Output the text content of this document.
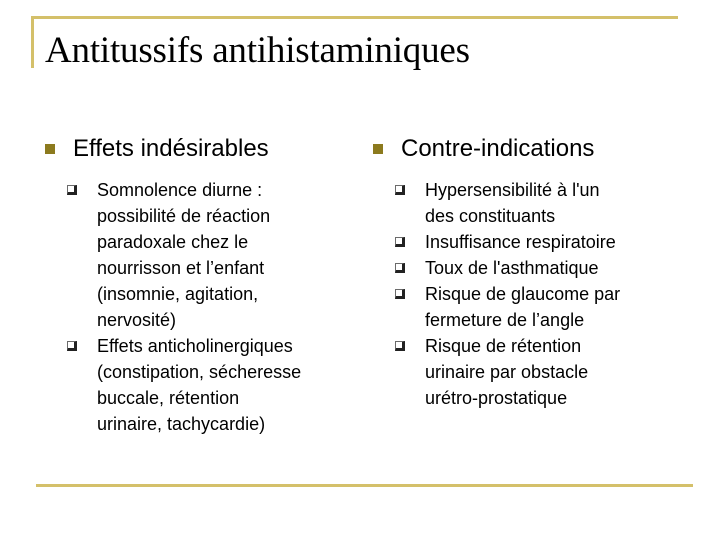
Antitussifs antihistaminiques
Effets indésirables
Somnolence diurne :
possibilité de réaction
paradoxale chez le
nourrisson et l’enfant
(insomnie, agitation,
nervosité)
Effets anticholinergiques
(constipation, sécheresse
buccale, rétention
urinaire, tachycardie)
Contre-indications
Hypersensibilité à l'un
des constituants
Insuffisance respiratoire
Toux de l'asthmatique
Risque de glaucome par
fermeture de l’angle
Risque de rétention
urinaire par obstacle
urétro-prostatique
